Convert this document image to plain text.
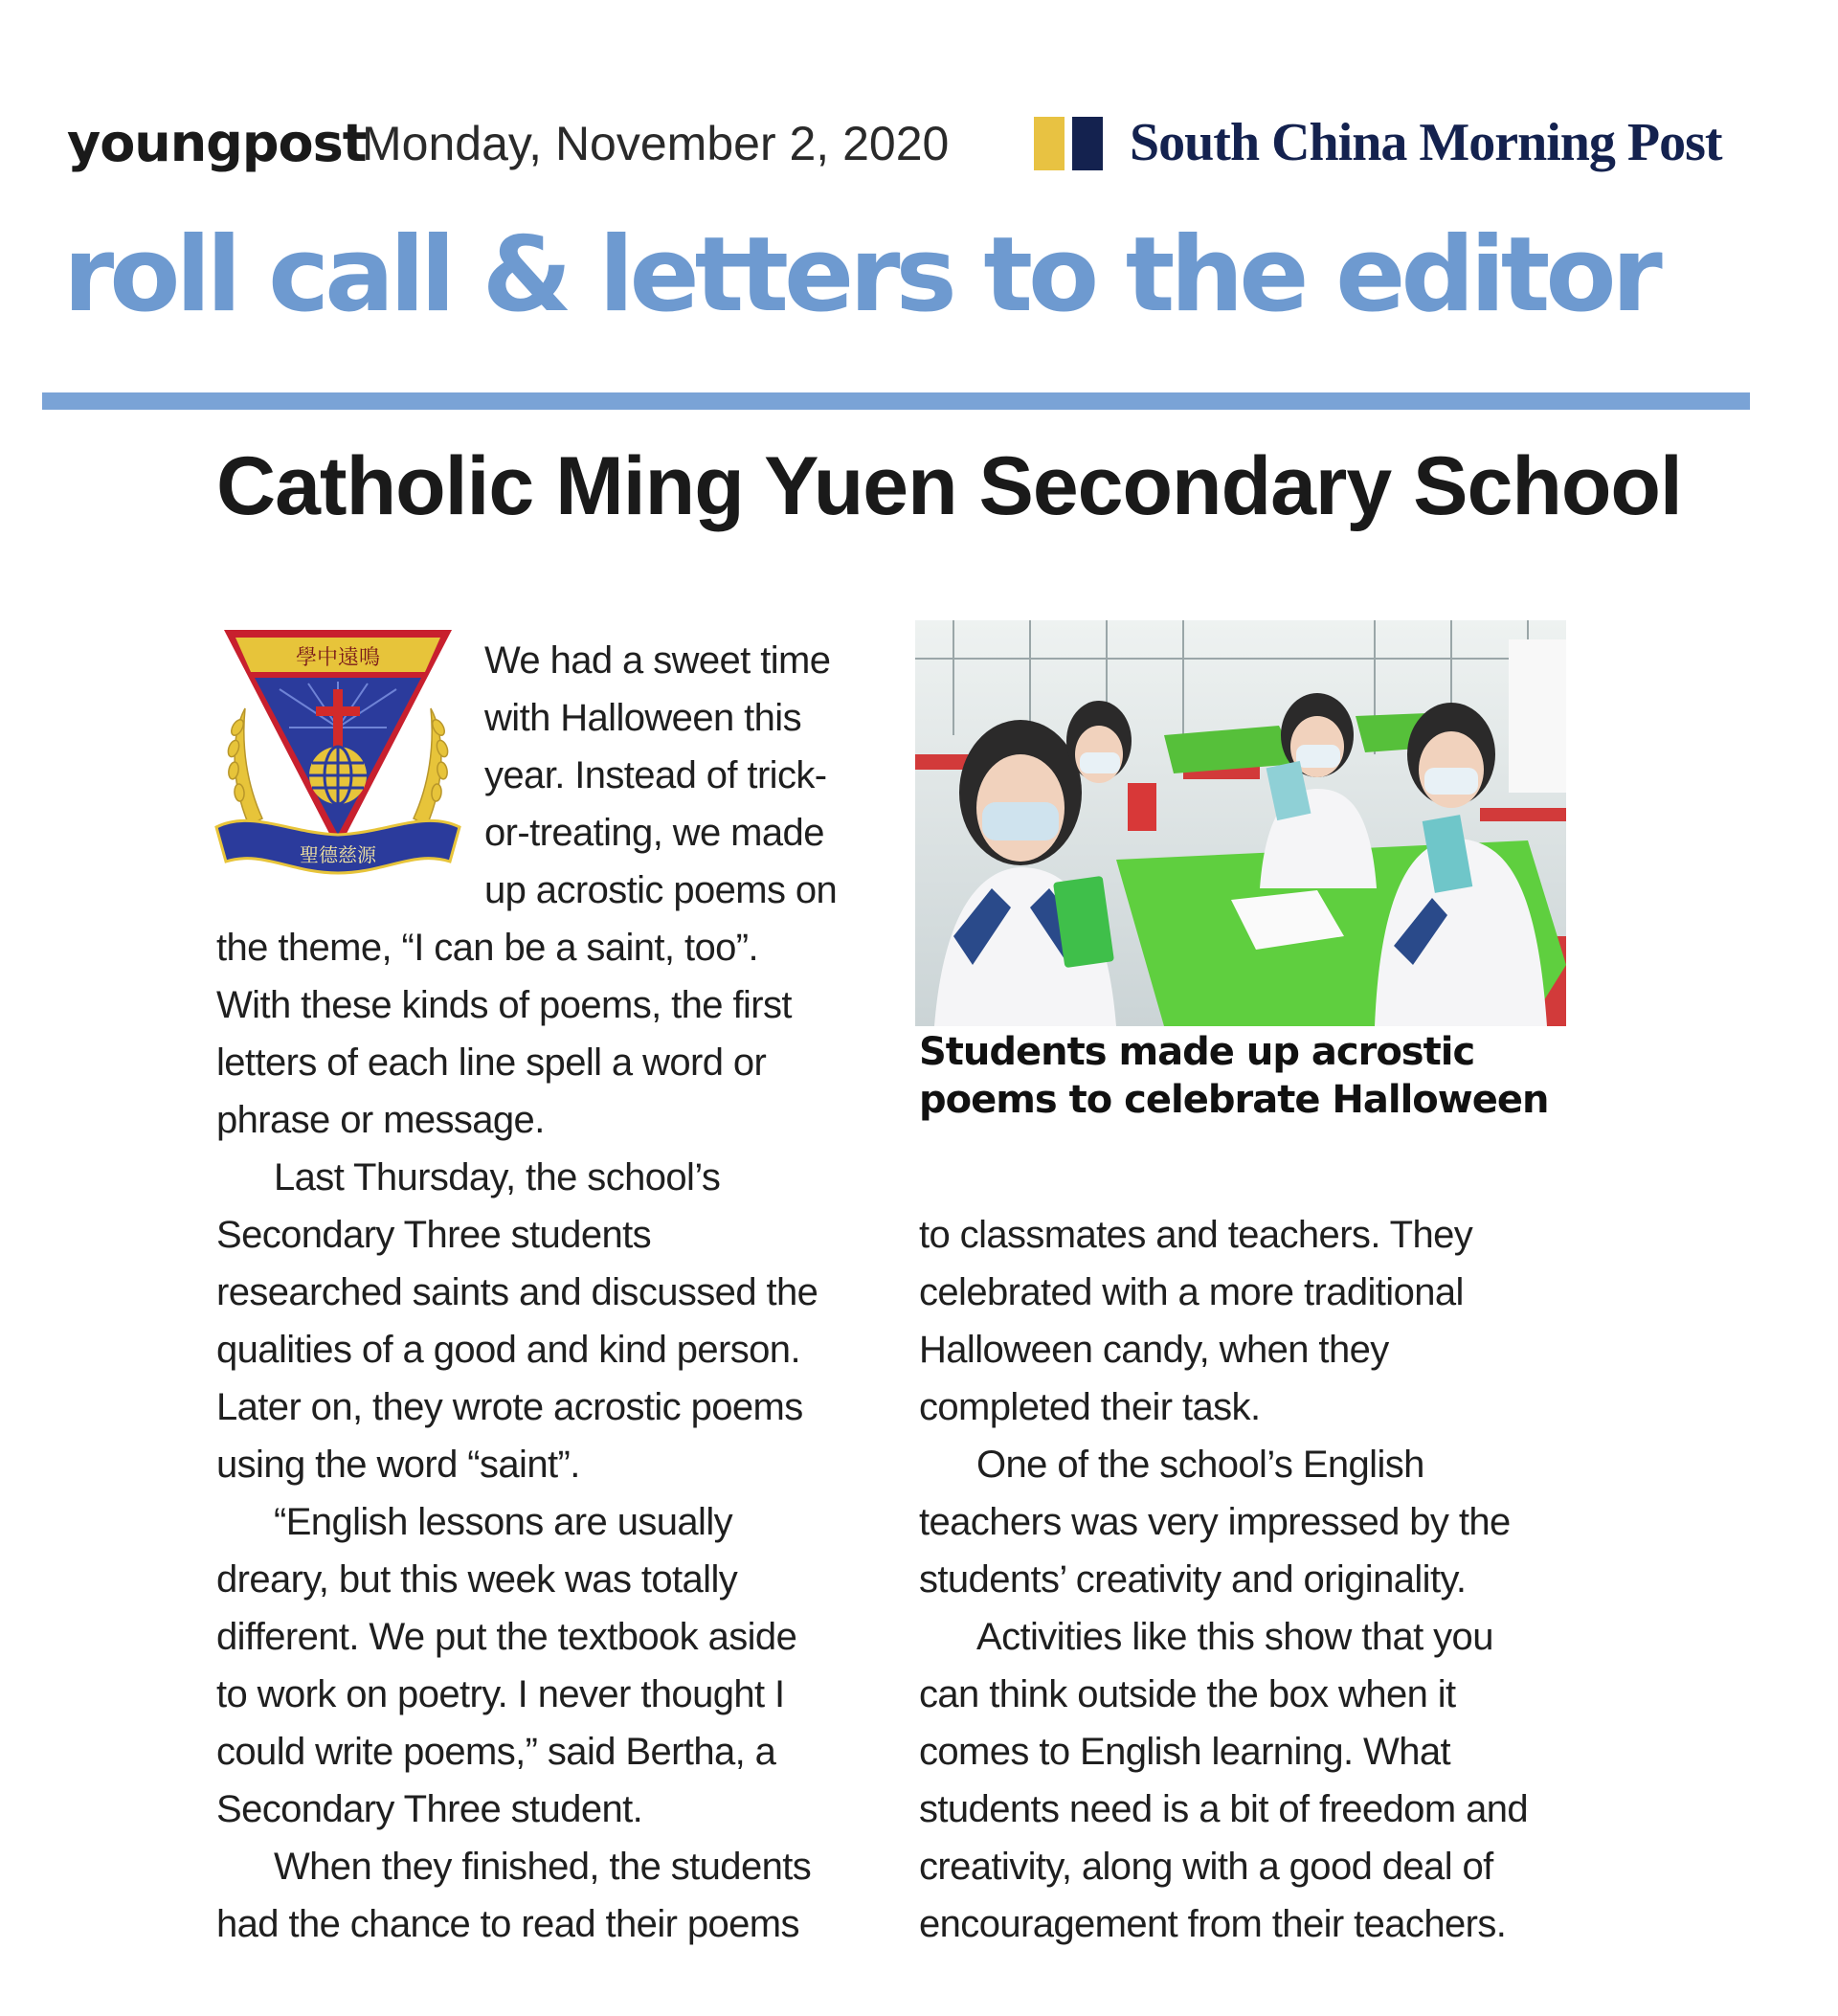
youngpost
Monday, November 2, 2020	South China Morning Post
roll call & letters to the editor
Catholic Ming Yuen Secondary School
學中遠鳴
聖德慈源
Students made up acrostic
poems to celebrate Halloween
We had a sweet time
with Halloween this
year. Instead of trick-
or-treating, we made
up acrostic poems on
the theme, “I can be a saint, too”.
With these kinds of poems, the first
letters of each line spell a word or
phrase or message.
Last Thursday, the school’s
Secondary Three students
researched saints and discussed the
qualities of a good and kind person.
Later on, they wrote acrostic poems
using the word “saint”.
“English lessons are usually
dreary, but this week was totally
different. We put the textbook aside
to work on poetry. I never thought I
could write poems,” said Bertha, a
Secondary Three student.
When they finished, the students
had the chance to read their poems
to classmates and teachers. They
celebrated with a more traditional
Halloween candy, when they
completed their task.
One of the school’s English
teachers was very impressed by the
students’ creativity and originality.
Activities like this show that you
can think outside the box when it
comes to English learning. What
students need is a bit of freedom and
creativity, along with a good deal of
encouragement from their teachers.
